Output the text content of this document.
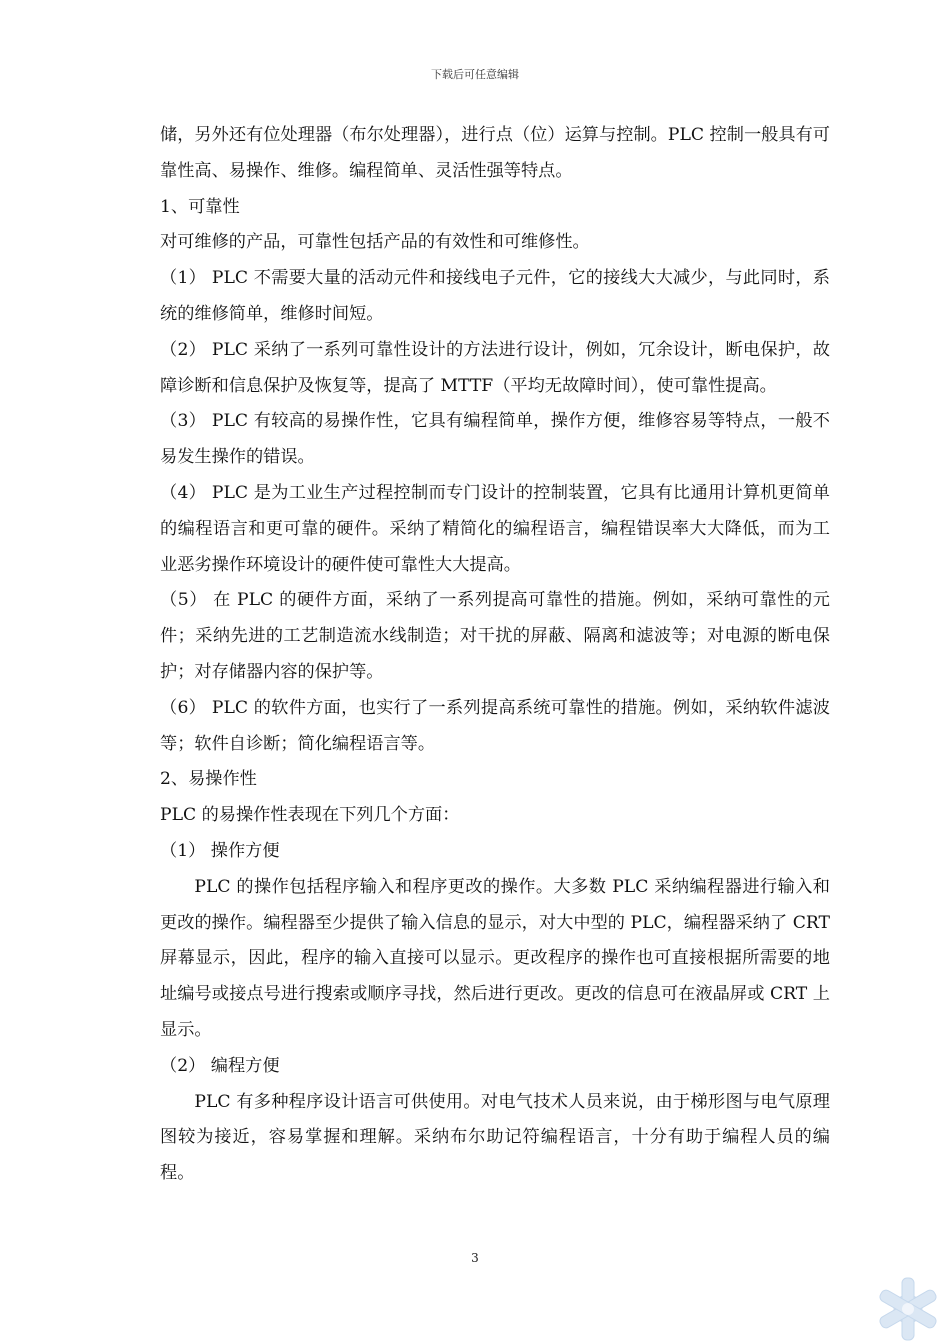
下载后可任意编辑

储，另外还有位处理器（布尔处理器），进行点（位）运算与控制。PLC 控制一般具有可靠性高、易操作、维修。编程简单、灵活性强等特点。

1、可靠性

对可维修的产品，可靠性包括产品的有效性和可维修性。

（1） PLC 不需要大量的活动元件和接线电子元件，它的接线大大减少，与此同时，系统的维修简单，维修时间短。

（2） PLC 采纳了一系列可靠性设计的方法进行设计，例如，冗余设计，断电保护，故障诊断和信息保护及恢复等，提高了 MTTF（平均无故障时间），使可靠性提高。

（3） PLC 有较高的易操作性，它具有编程简单，操作方便，维修容易等特点，一般不易发生操作的错误。

（4） PLC 是为工业生产过程控制而专门设计的控制装置，它具有比通用计算机更简单的编程语言和更可靠的硬件。采纳了精简化的编程语言，编程错误率大大降低，而为工业恶劣操作环境设计的硬件使可靠性大大提高。

（5） 在 PLC 的硬件方面，采纳了一系列提高可靠性的措施。例如，采纳可靠性的元件；采纳先进的工艺制造流水线制造；对干扰的屏蔽、隔离和滤波等；对电源的断电保护；对存储器内容的保护等。

（6） PLC 的软件方面，也实行了一系列提高系统可靠性的措施。例如，采纳软件滤波等；软件自诊断；简化编程语言等。

2、易操作性

PLC 的易操作性表现在下列几个方面：

（1） 操作方便

PLC 的操作包括程序输入和程序更改的操作。大多数 PLC 采纳编程器进行输入和更改的操作。编程器至少提供了输入信息的显示，对大中型的 PLC，编程器采纳了 CRT 屏幕显示，因此，程序的输入直接可以显示。更改程序的操作也可直接根据所需要的地址编号或接点号进行搜索或顺序寻找，然后进行更改。更改的信息可在液晶屏或 CRT 上显示。

（2） 编程方便

PLC 有多种程序设计语言可供使用。对电气技术人员来说，由于梯形图与电气原理图较为接近，容易掌握和理解。采纳布尔助记符编程语言，十分有助于编程人员的编程。

3
